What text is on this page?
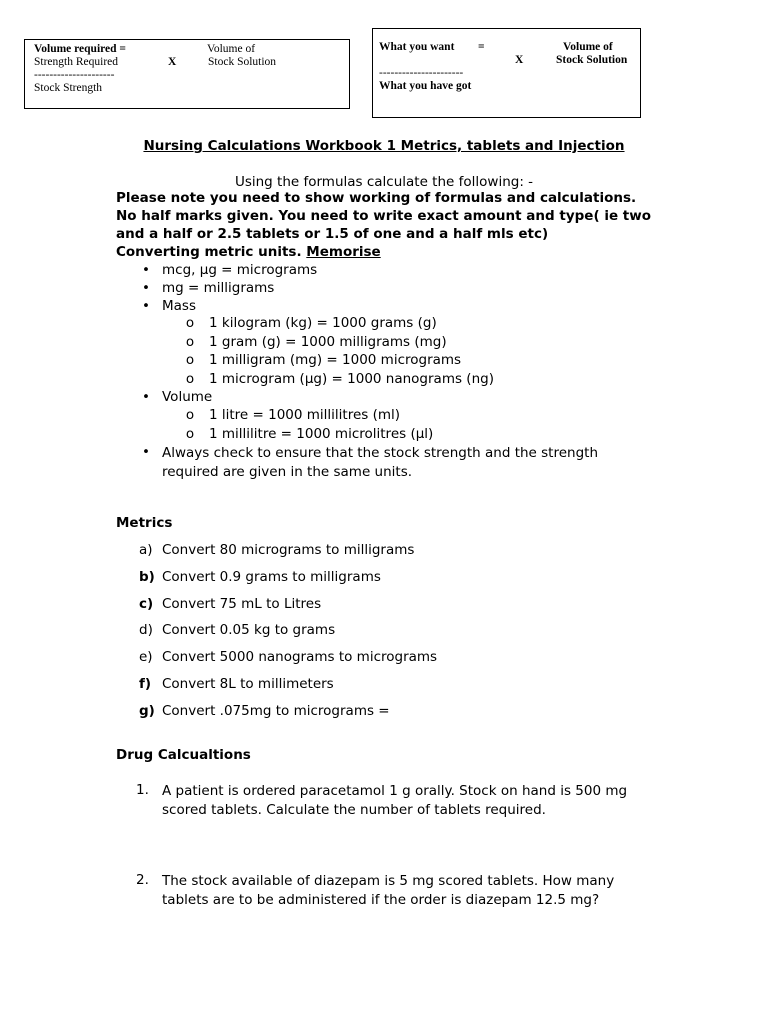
Volume required =
Strength Required
---------------------
Stock Strength
X
Volume of
Stock Solution
What you want =
----------------------
What you have got
X
Volume of
Stock Solution
Nursing Calculations Workbook 1 Metrics, tablets and Injection
Using the formulas calculate the following: -
Please note you need to show working of formulas and calculations. No half marks given. You need to write exact amount and type( ie two and a half or 2.5 tablets or 1.5 of one and a half mls etc)
Converting metric units. Memorise
• mcg, µg = micrograms
• mg = milligrams
• Mass
o	1 kilogram (kg) = 1000 grams (g)
o	1 gram (g) = 1000 milligrams (mg)
o	1 milligram (mg) = 1000 micrograms
o	1 microgram (µg) = 1000 nanograms (ng)
• Volume
o	1 litre = 1000 millilitres (ml)
o	1 millilitre = 1000 microlitres (µl)
• Always check to ensure that the stock strength and the strength required are given in the same units.
Metrics
a) Convert 80 micrograms to milligrams
b) Convert 0.9 grams to milligrams
c) Convert 75 mL to Litres
d) Convert 0.05 kg to grams
e) Convert 5000 nanograms to micrograms
f) Convert 8L to millimeters
g) Convert .075mg to micrograms =
Drug Calcualtions
1. A patient is ordered paracetamol 1 g orally. Stock on hand is 500 mg scored tablets. Calculate the number of tablets required.
2. The stock available of diazepam is 5 mg scored tablets. How many tablets are to be administered if the order is diazepam 12.5 mg?
